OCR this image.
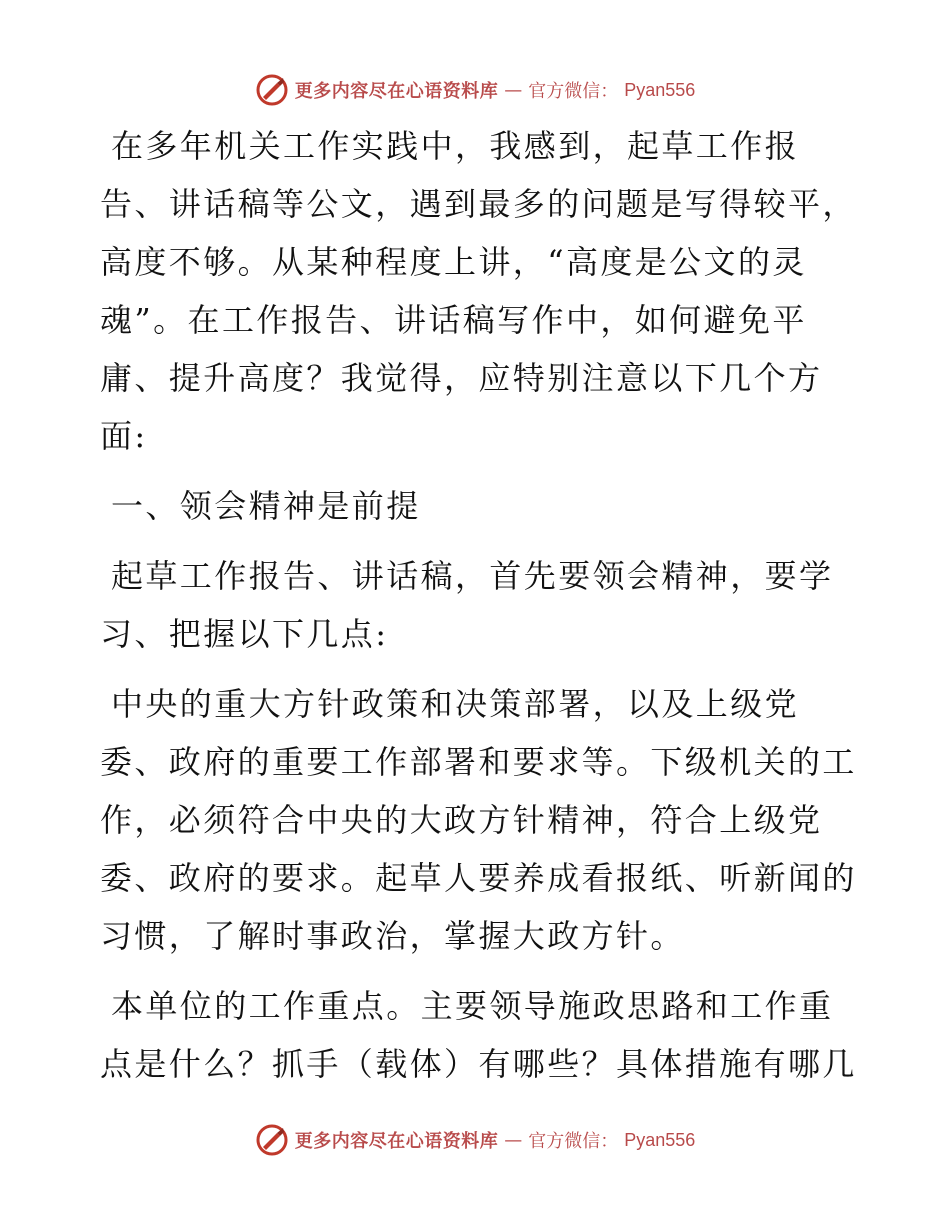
更多内容尽在心语资料库 — 官方微信： Pyan556

在多年机关工作实践中，我感到，起草工作报告、讲话稿等公文，遇到最多的问题是写得较平，高度不够。从某种程度上讲，“高度是公文的灵魂”。在工作报告、讲话稿写作中，如何避免平庸、提升高度？我觉得，应特别注意以下几个方面:

一、领会精神是前提

起草工作报告、讲话稿，首先要领会精神，要学习、把握以下几点:

中央的重大方针政策和决策部署，以及上级党委、政府的重要工作部署和要求等。下级机关的工作，必须符合中央的大政方针精神，符合上级党委、政府的要求。起草人要养成看报纸、听新闻的习惯，了解时事政治，掌握大政方针。

本单位的工作重点。主要领导施政思路和工作重点是什么？抓手（载体）有哪些？具体措施有哪几

更多内容尽在心语资料库 — 官方微信： Pyan556
